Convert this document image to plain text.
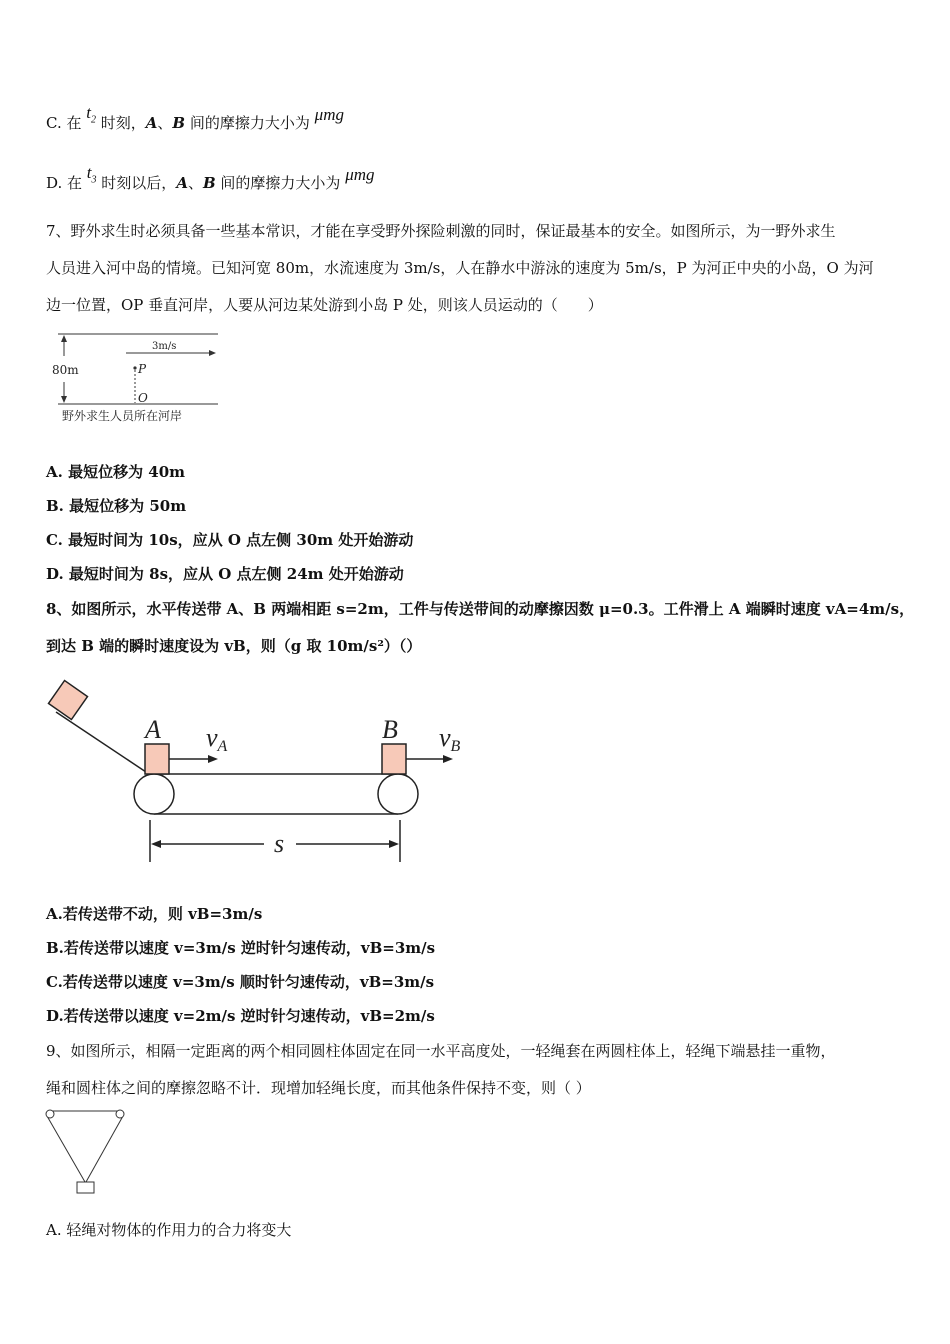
C. 在 $t_2$ 时刻，A、B 间的摩擦力大小为 μmg
D. 在 $t_3$ 时刻以后，A、B 间的摩擦力大小为 μmg
7、野外求生时必须具备一些基本常识，才能在享受野外探险刺激的同时，保证最基本的安全。如图所示，为一野外求生
人员进入河中岛的情境。已知河宽 80m，水流速度为 3m/s，人在静水中游泳的速度为 5m/s，P 为河正中央的小岛，O 为河
边一位置，OP 垂直河岸，人要从河边某处游到小岛 P 处，则该人员运动的（　　）
80m
3m/s
P
O
野外求生人员所在河岸
A. 最短位移为 40m
B. 最短位移为 50m
C. 最短时间为 10s，应从 O 点左侧 30m 处开始游动
D. 最短时间为 8s，应从 O 点左侧 24m 处开始游动
8、如图所示，水平传送带 A、B 两端相距 s=2m，工件与传送带间的动摩擦因数 μ=0.3。工件滑上 A 端瞬时速度 vA=4m/s，
到达 B 端的瞬时速度设为 vB，则（g 取 10m/s²）（）
A	B
vA	vB
s
A.若传送带不动，则 vB=3m/s
B.若传送带以速度 v=3m/s 逆时针匀速传动，vB=3m/s
C.若传送带以速度 v=3m/s 顺时针匀速传动，vB=3m/s
D.若传送带以速度 v=2m/s 逆时针匀速传动，vB=2m/s
9、如图所示，相隔一定距离的两个相同圆柱体固定在同一水平高度处，一轻绳套在两圆柱体上，轻绳下端悬挂一重物，
绳和圆柱体之间的摩擦忽略不计．现增加轻绳长度，而其他条件保持不变，则（ ）
A. 轻绳对物体的作用力的合力将变大
